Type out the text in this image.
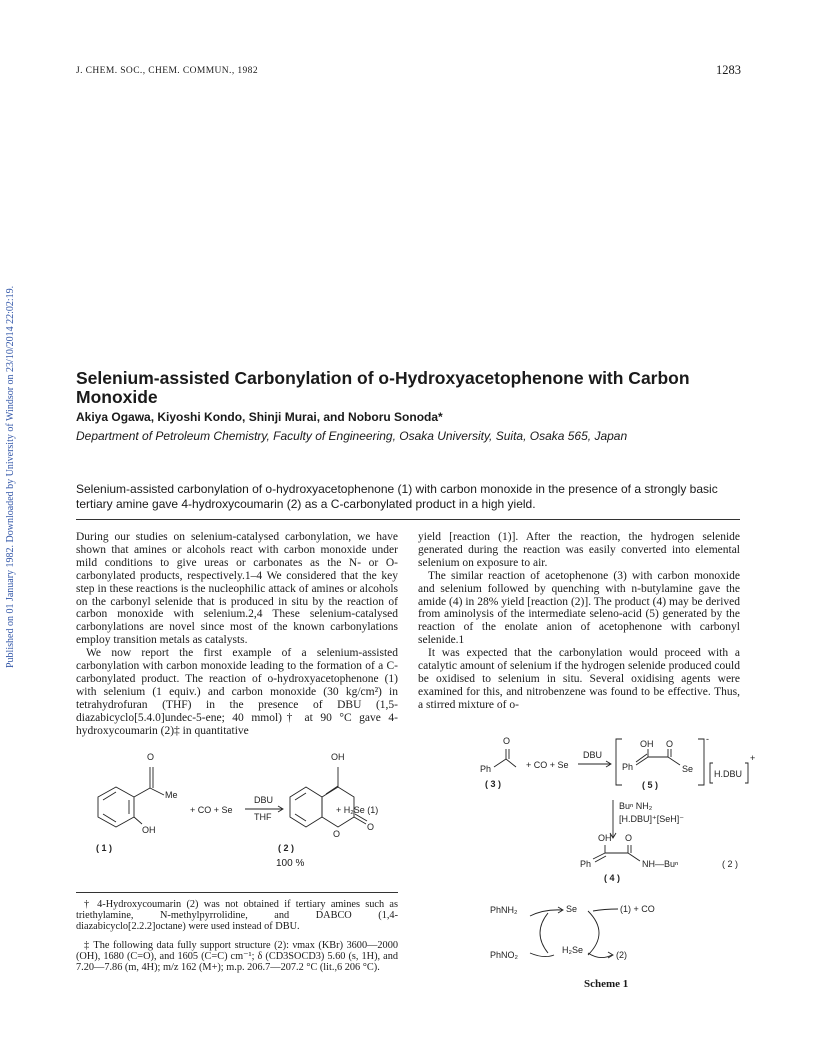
J. CHEM. SOC., CHEM. COMMUN., 1982	1283
Published on 01 January 1982. Downloaded by University of Windsor on 23/10/2014 22:02:19.	Selenium-assisted Carbonylation of o-Hydroxyacetophenone with Carbon Monoxide
Akiya Ogawa, Kiyoshi Kondo, Shinji Murai, and Noboru Sonoda*
Department of Petroleum Chemistry, Faculty of Engineering, Osaka University, Suita, Osaka 565, Japan
Selenium-assisted carbonylation of o-hydroxyacetophenone (1) with carbon monoxide in the presence of a strongly basic tertiary amine gave 4-hydroxycoumarin (2) as a C-carbonylated product in a high yield.

During our studies on selenium-catalysed carbonylation, we have shown that amines or alcohols react with carbon monoxide under mild conditions to give ureas or carbonates as the N- or O-carbonylated products, respectively.1–4 We considered that the key step in these reactions is the nucleophilic attack of amines or alcohols on the carbonyl selenide that is produced in situ by the reaction of carbon monoxide with selenium.2,4 These selenium-catalysed carbonylations are novel since most of the known carbonylations employ transition metals as catalysts.

We now report the first example of a selenium-assisted carbonylation with carbon monoxide leading to the formation of a C-carbonylated product. The reaction of o-hydroxyacetophenone (1) with selenium (1 equiv.) and carbon monoxide (30 kg/cm²) in tetrahydrofuran (THF) in the presence of DBU (1,5-diazabicyclo[5.4.0]undec-5-ene; 40 mmol)† at 90 °C gave 4-hydroxycoumarin (2)‡ in quantitative

yield [reaction (1)]. After the reaction, the hydrogen selenide generated during the reaction was easily converted into elemental selenium on exposure to air.

The similar reaction of acetophenone (3) with carbon monoxide and selenium followed by quenching with n-butylamine gave the amide (4) in 28% yield [reaction (2)]. The product (4) may be derived from aminolysis of the intermediate seleno-acid (5) generated by the reaction of the enolate anion of acetophenone with carbonyl selenide.1

It was expected that the carbonylation would proceed with a catalytic amount of selenium if the hydrogen selenide produced could be oxidised to selenium in situ. Several oxidising agents were examined for this, and nitrobenzene was found to be effective. Thus, a stirred mixture of o-

O
Me
OH
+ CO + Se
DBU
THF
OH
O
O
+ H₂Se (1)
( 1 )	( 2 )
100 %
Ph
O
( 3 )
+ CO + Se
DBU
Ph
OH O
Se
-
( 5 )
H.DBU
+
Buⁿ NH₂
[H.DBU]⁺[SeH]⁻
OH O
Ph	NH—Buⁿ	( 2 )
( 4 )
PhNH₂	Se	(1) + CO
PhNO₂	H₂Se	(2)

† 4-Hydroxycoumarin (2) was not obtained if tertiary amines such as triethylamine, N-methylpyrrolidine, and DABCO (1,4-diazabicyclo[2.2.2]octane) were used instead of DBU.

‡ The following data fully support structure (2): νmax (KBr) 3600—2000 (OH), 1680 (C=O), and 1605 (C=C) cm⁻¹; δ (CD3SOCD3) 5.60 (s, 1H), and 7.20—7.86 (m, 4H); m/z 162 (M+); m.p. 206.7—207.2 °C (lit.,6 206 °C).

Scheme 1
